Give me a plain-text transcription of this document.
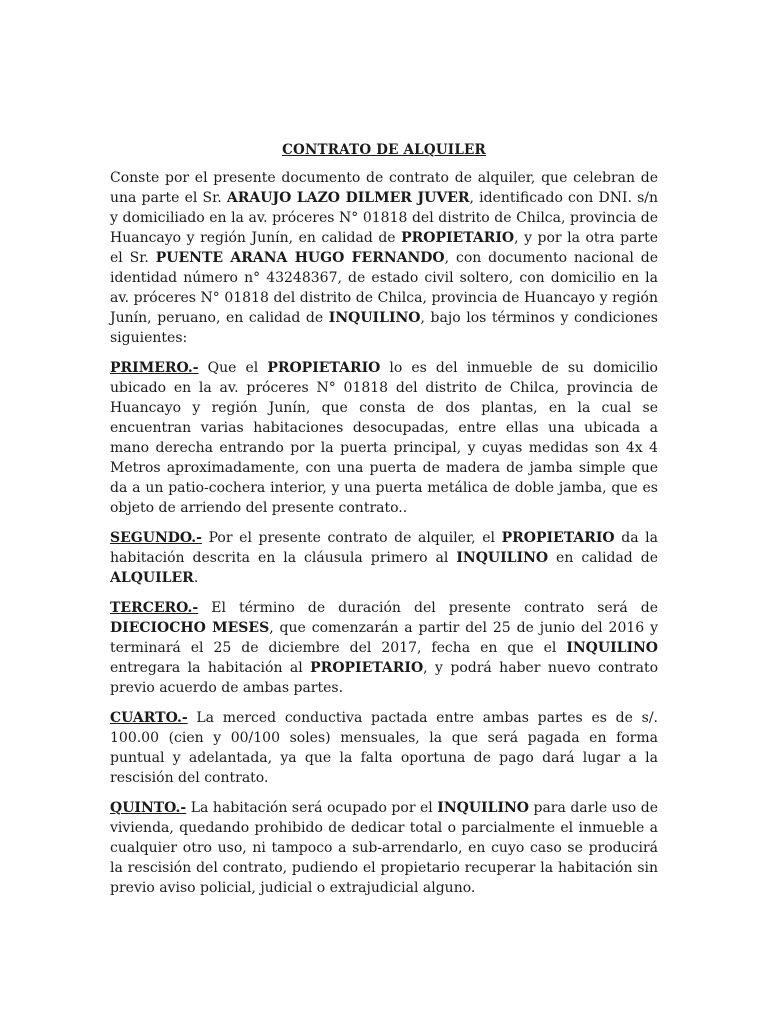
CONTRATO DE ALQUILER

Conste por el presente documento de contrato de alquiler, que celebran de una parte el Sr. ARAUJO LAZO DILMER JUVER, identificado con DNI. s/n y domiciliado en la av. próceres N° 01818 del distrito de Chilca, provincia de Huancayo y región Junín, en calidad de PROPIETARIO, y por la otra parte el Sr. PUENTE ARANA HUGO FERNANDO, con documento nacional de identidad número n° 43248367, de estado civil soltero, con domicilio en la av. próceres N° 01818 del distrito de Chilca, provincia de Huancayo y región Junín, peruano, en calidad de INQUILINO, bajo los términos y condiciones siguientes:

PRIMERO.- Que el PROPIETARIO lo es del inmueble de su domicilio ubicado en la av. próceres N° 01818 del distrito de Chilca, provincia de Huancayo y región Junín, que consta de dos plantas, en la cual se encuentran varias habitaciones desocupadas, entre ellas una ubicada a mano derecha entrando por la puerta principal, y cuyas medidas son 4x 4 Metros aproximadamente, con una puerta de madera de jamba simple que da a un patio-cochera interior, y una puerta metálica de doble jamba, que es objeto de arriendo del presente contrato..

SEGUNDO.- Por el presente contrato de alquiler, el PROPIETARIO da la habitación descrita en la cláusula primero al INQUILINO en calidad de ALQUILER.

TERCERO.- El término de duración del presente contrato será de DIECIOCHO MESES, que comenzarán a partir del 25 de junio del 2016 y terminará el 25 de diciembre del 2017, fecha en que el INQUILINO entregara la habitación al PROPIETARIO, y podrá haber nuevo contrato previo acuerdo de ambas partes.

CUARTO.- La merced conductiva pactada entre ambas partes es de s/. 100.00 (cien y 00/100 soles) mensuales, la que será pagada en forma puntual y adelantada, ya que la falta oportuna de pago dará lugar a la rescisión del contrato.

QUINTO.- La habitación será ocupado por el INQUILINO para darle uso de vivienda, quedando prohibido de dedicar total o parcialmente el inmueble a cualquier otro uso, ni tampoco a sub-arrendarlo, en cuyo caso se producirá la rescisión del contrato, pudiendo el propietario recuperar la habitación sin previo aviso policial, judicial o extrajudicial alguno.
